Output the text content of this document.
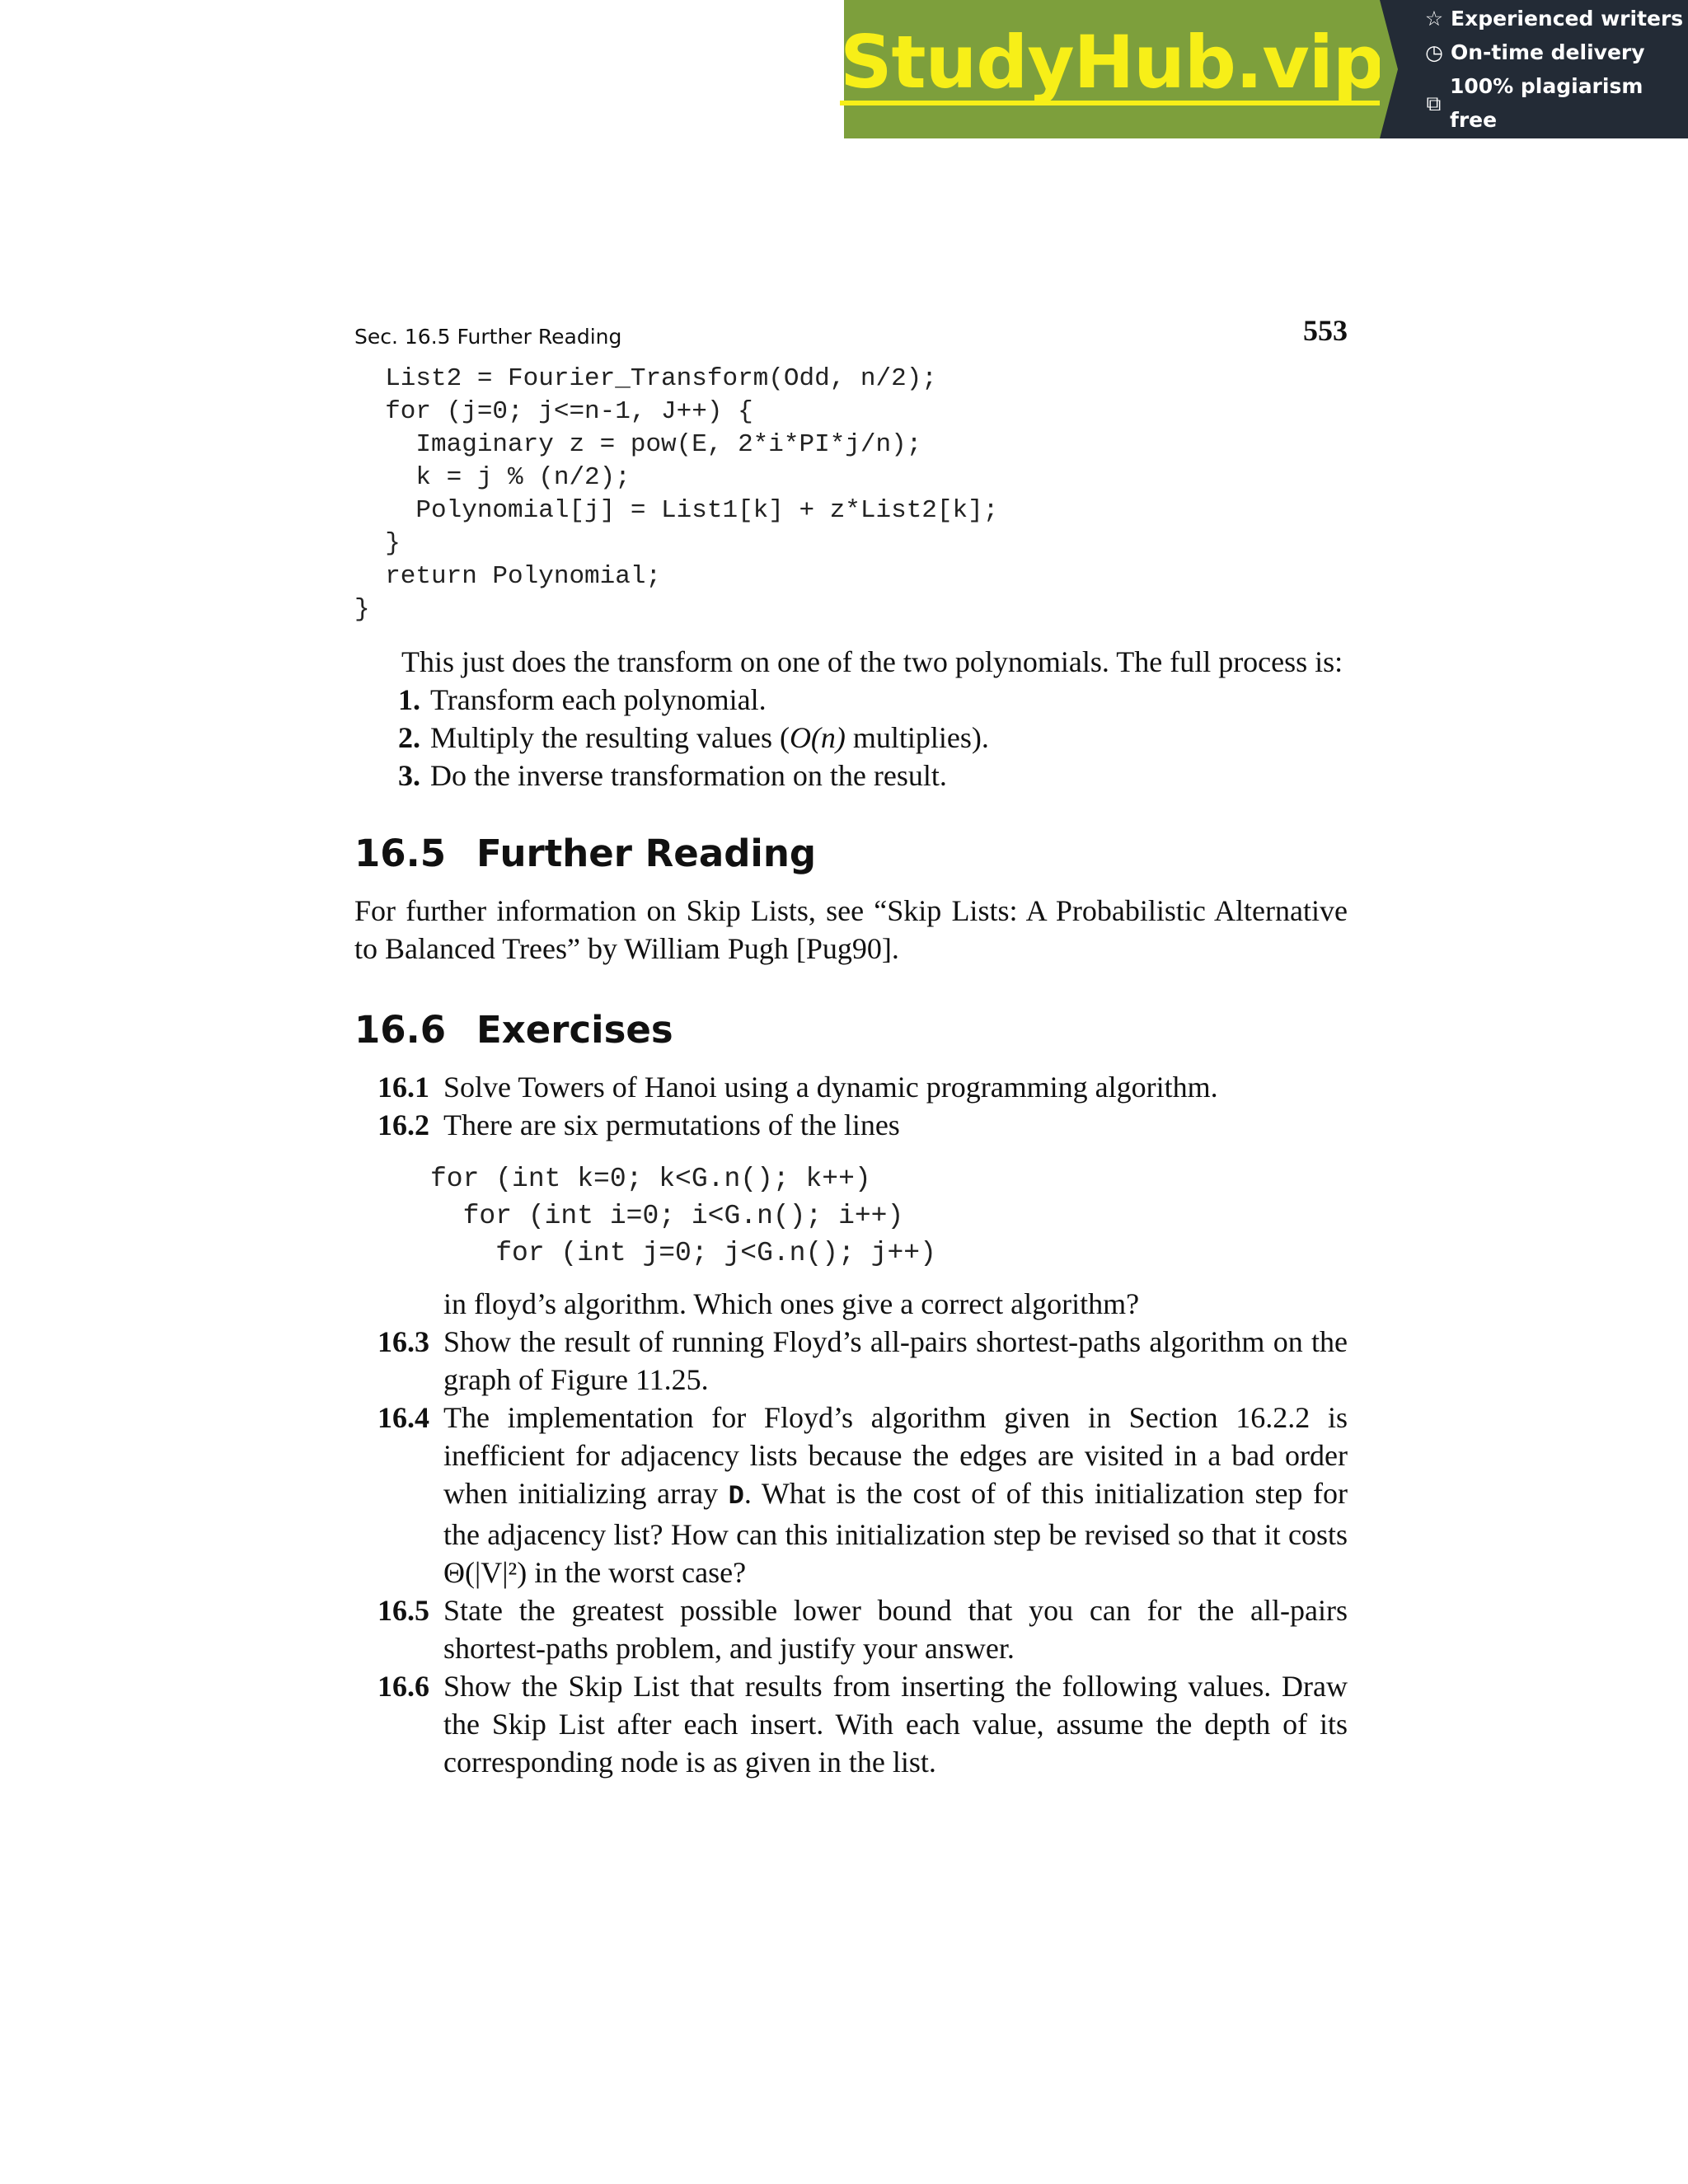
StudyHub.vip
☆ Experienced writers
◷ On-time delivery
⧉
100% plagiarism free
Sec. 16.5 Further Reading	553
List2 = Fourier_Transform(Odd, n/2);
for (j=0; j<=n-1, J++) {
Imaginary z = pow(E, 2*i*PI*j/n);
k = j % (n/2);
Polynomial[j] = List1[k] + z*List2[k];
}
return Polynomial;
}

This just does the transform on one of the two polynomials. The full process is:

1. Transform each polynomial.
2. Multiply the resulting values (O(n) multiplies).
3. Do the inverse transformation on the result.
16.5 Further Reading

For further information on Skip Lists, see “Skip Lists: A Probabilistic Alternative to Balanced Trees” by William Pugh [Pug90].

16.6 Exercises
16.1 Solve Towers of Hanoi using a dynamic programming algorithm.
16.2 There are six permutations of the lines
for (int k=0; k<G.n(); k++)
for (int i=0; i<G.n(); i++)
for (int j=0; j<G.n(); j++)
in floyd’s algorithm. Which ones give a correct algorithm?
16.3 Show the result of running Floyd’s all-pairs shortest-paths algorithm on the graph of Figure 11.25.
16.4 The implementation for Floyd’s algorithm given in Section 16.2.2 is inefficient for adjacency lists because the edges are visited in a bad order when initializing array D. What is the cost of of this initialization step for the adjacency list? How can this initialization step be revised so that it costs Θ(|V|²) in the worst case?
16.5 State the greatest possible lower bound that you can for the all-pairs shortest-paths problem, and justify your answer.
16.6 Show the Skip List that results from inserting the following values. Draw the Skip List after each insert. With each value, assume the depth of its corresponding node is as given in the list.
